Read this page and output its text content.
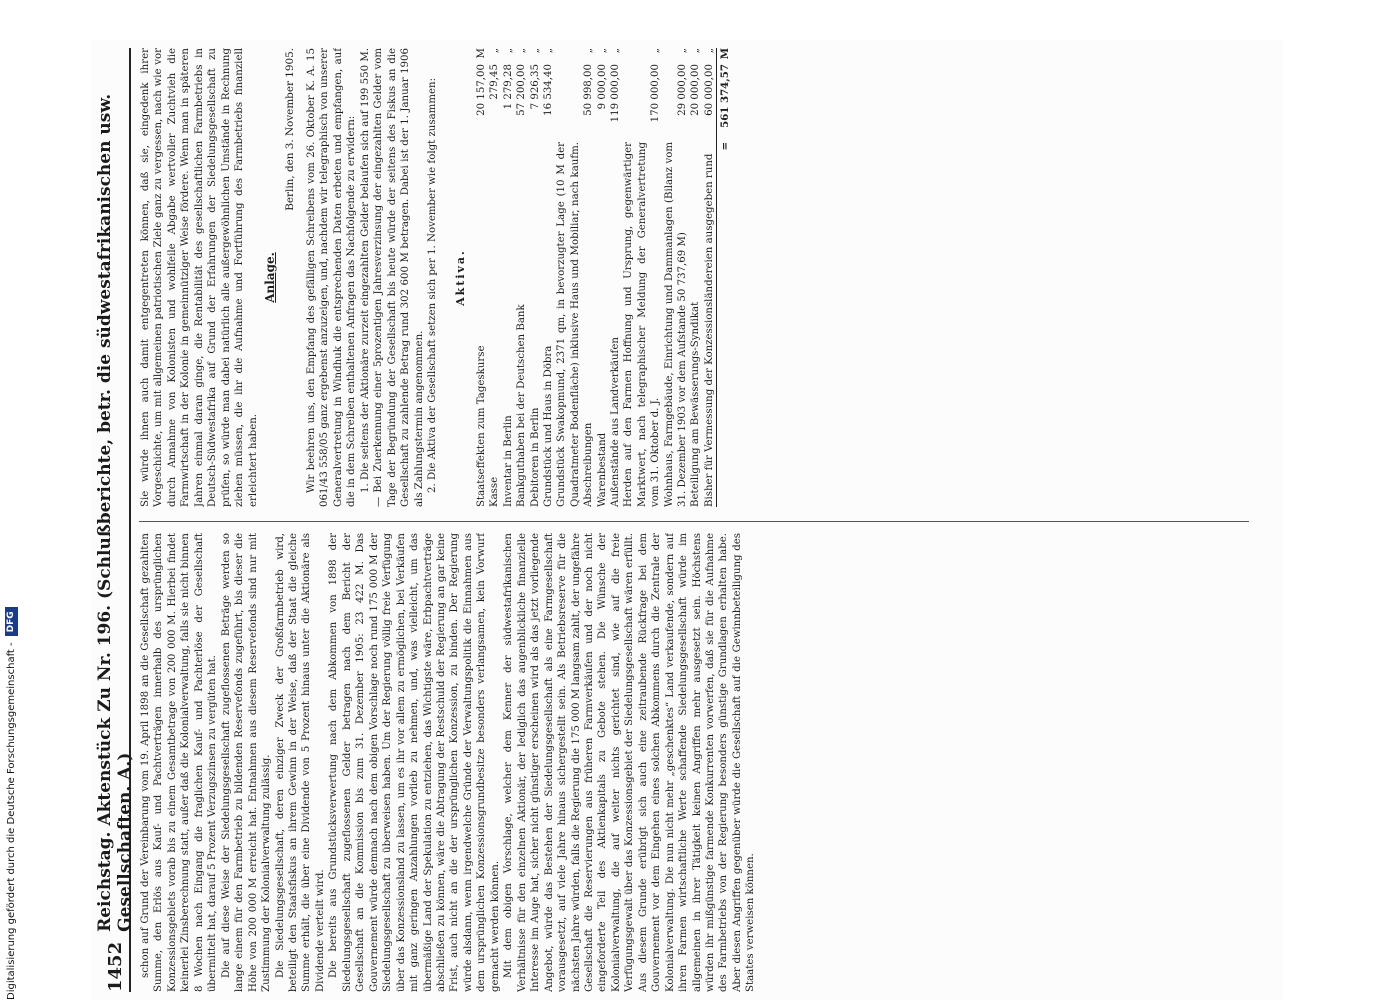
1452
Reichstag. Aktenstück Zu Nr. 196. (Schlußberichte, betr. die südwestafrikanischen usw. Gesellschaften. A.) schon auf Grund der Vereinbarung vom 19. April 1898 an die Gesellschaft gezahlten Summe, den Erlös aus Kauf- und Pachtverträgen innerhalb des ursprünglichen Konzessionsgebiets vorab bis zu einem Gesamtbetrage von 200 000 M. Hierbei findet keinerlei Zinsberechnung statt, außer daß die Kolonialverwaltung, falls sie nicht binnen 8 Wochen nach Eingang die fraglichen Kauf- und Pachterlöse der Gesellschaft übermittelt hat, darauf 5 Prozent Verzugszinsen zu vergüten hat. Die auf diese Weise der Siedelungsgesellschaft zugeflossenen Beträge werden so lange einem für den Farmbetrieb zu bildenden Reservefonds zugeführt, bis dieser die Höhe von 200 000 M erreicht hat. Entnahmen aus diesem Reservefonds sind nur mit Zustimmung der Kolonialverwaltung zulässig. Die Siedelungsgesellschaft, deren einziger Zweck der Großfarmbetrieb wird, beteiligt den Staatsfiskus an ihrem Gewinn in der Weise, daß der Staat die gleiche Summe erhält, die über eine Dividende von 5 Prozent hinaus unter die Aktionäre als Dividende verteilt wird. Die bereits aus Grundstücksverwertung nach dem Abkommen von 1898 der Siedelungsgesellschaft zugeflossenen Gelder betragen nach dem Bericht der Gesellschaft an die Kommission bis zum 31. Dezember 1905: 23 422 M. Das Gouvernement würde demnach nach dem obigen Vorschlage noch rund 175 000 M der Siedelungsgesellschaft zu überweisen haben. Um der Regierung völlig freie Verfügung über das Konzessionsland zu lassen, um es ihr vor allem zu ermöglichen, bei Verkäufen mit ganz geringen Anzahlungen vorlieb zu nehmen, und, was vielleicht, um das übermäßige Land der Spekulation zu entziehen, das Wichtigste wäre, Erbpachtverträge abschließen zu können, wäre die Abtragung der Restschuld der Regierung an gar keine Frist, auch nicht an die der ursprünglichen Konzession, zu binden. Der Regierung würde alsdann, wenn irgendwelche Gründe der Verwaltungspolitik die Einnahmen aus dem ursprünglichen Konzessionsgrundbesitze besonders verlangsamen, kein Vorwurf gemacht werden können. Mit dem obigen Vorschlage, welcher dem Kenner der südwestafrikanischen Verhältnisse für den einzelnen Aktionär, der lediglich das augenblickliche finanzielle Interesse im Auge hat, sicher nicht günstiger erscheinen wird als das jetzt vorliegende Angebot, würde das Bestehen der Siedelungsgesellschaft als eine Farmgesellschaft vorausgesetzt, auf viele Jahre hinaus sichergestellt sein. Als Betriebsreserve für die nächsten Jahre würden, falls die Regierung die 175 000 M langsam zahlt, der ungefähre Gesellschaft die Reservierungen aus früheren Farmverkäufen und der noch nicht eingeforderte Teil des Aktienkapitals zu Gebote stehen. Die Wünsche der Kolonialverwaltung, die auf weiter nichts gerichtet sind, wie auf die freie Verfügungsgewalt über das Konzessionsgebiet der Siedelungsgesellschaft wären erfüllt. Aus diesem Grunde erübrigt sich auch eine zeitraubende Rückfrage bei dem Gouvernement vor dem Eingehen eines solchen Abkommens durch die Zentrale der Kolonialverwaltung. Die nun nicht mehr „geschenktes“ Land verkaufende, sondern auf ihren Farmen wirtschaftliche Werte schaffende Siedelungsgesellschaft würde im allgemeinen in ihrer Tätigkeit keinen Angriffen mehr ausgesetzt sein. Höchstens würden ihr mißgünstige farmende Konkurrenten vorwerfen, daß sie für die Aufnahme des Farmbetriebs von der Regierung besonders günstige Grundlagen erhalten habe. Aber diesen Angriffen gegenüber würde die Gesellschaft auf die Gewinnbeteiligung des Staates verweisen können.

Sie würde ihnen auch damit entgegentreten können, daß sie, eingedenk ihrer Vorgeschichte, um mit allgemeinen patriotischen Ziele ganz zu vergessen, nach wie vor durch Annahme von Kolonisten und wohlfeile Abgabe wertvoller Zuchtvieh die Farmwirtschaft in der Kolonie in gemeinnütziger Weise fördere. Wenn man in späteren Jahren einmal daran ginge, die Rentabilität des gesellschaftlichen Farmbetriebs in Deutsch-Südwestafrika auf Grund der Erfahrungen der Siedelungsgesellschaft zu prüfen, so würde man dabei natürlich alle außergewöhnlichen Umstände in Rechnung ziehen müssen, die ihr die Aufnahme und Fortführung des Farmbetriebs finanziell erleichtert haben.

Anlage.
Berlin, den 3. November 1905. Wir beehren uns, den Empfang des gefälligen Schreibens vom 26. Oktober K. A. 15 061/43 558/05 ganz ergebenst anzuzeigen, und, nachdem wir telegraphisch von unserer Generalvertretung in Windhuk die entsprechenden Daten erbeten und empfangen, auf die in dem Schreiben enthaltenen Anfragen das Nachfolgende zu erwidern: 1. Die seitens der Aktionäre zurzeit eingezahlten Gelder belaufen sich auf 199 550 M. — Bei Zuerkennung einer 5prozentigen Jahresverzinsung der eingezahlten Gelder vom Tage der Begründung der Gesellschaft bis heute würde der seitens des Fiskus an die Gesellschaft zu zahlende Betrag rund 302 600 M betragen. Dabei ist der 1. Januar 1906 als Zahlungstermin angenommen. 2. Die Aktiva der Gesellschaft setzen sich per 1. November wie folgt zusammen: Aktiva.
Staatseffekten zum Tageskurse	20 157,00	M
Kasse	279,45	„
Inventar in Berlin	1 279,28	„
Bankguthaben bei der Deutschen Bank	57 200,00	„
Debitoren in Berlin	7 926,35	„
Grundstück und Haus in Döbra	16 534,40	„
Grundstück Swakopmund, 2371 qm, in bevorzugter Lage (10 M der Quadratmeter Bodenfläche) inklusive Haus und Mobiliar, nach kaufm. Abschreibungen	50 998,00	„
Warenbestand	9 000,00	„
Außenstände aus Landverkäufen	119 000,00	„
Herden auf den Farmen Hoffnung und Ursprung, gegenwärtiger Marktwert, nach telegraphischer Meldung der Generalvertretung vom 31. Oktober d. J.	170 000,00	„
Wohnhaus, Farmgebäude, Einrichtung und Dammanlagen (Bilanz vom 31. Dezember 1903 vor dem Aufstande 50 737,69 M)	29 000,00	„
Beteiligung am Bewässerungs-Syndikat	20 000,00	„
Bisher für Vermessung der Konzessionsländereien ausgegeben rund	60 000,00	„
=	561 374,57	M
Digitalisierung gefördert durch die Deutsche Forschungsgemeinschaft -
DFG
